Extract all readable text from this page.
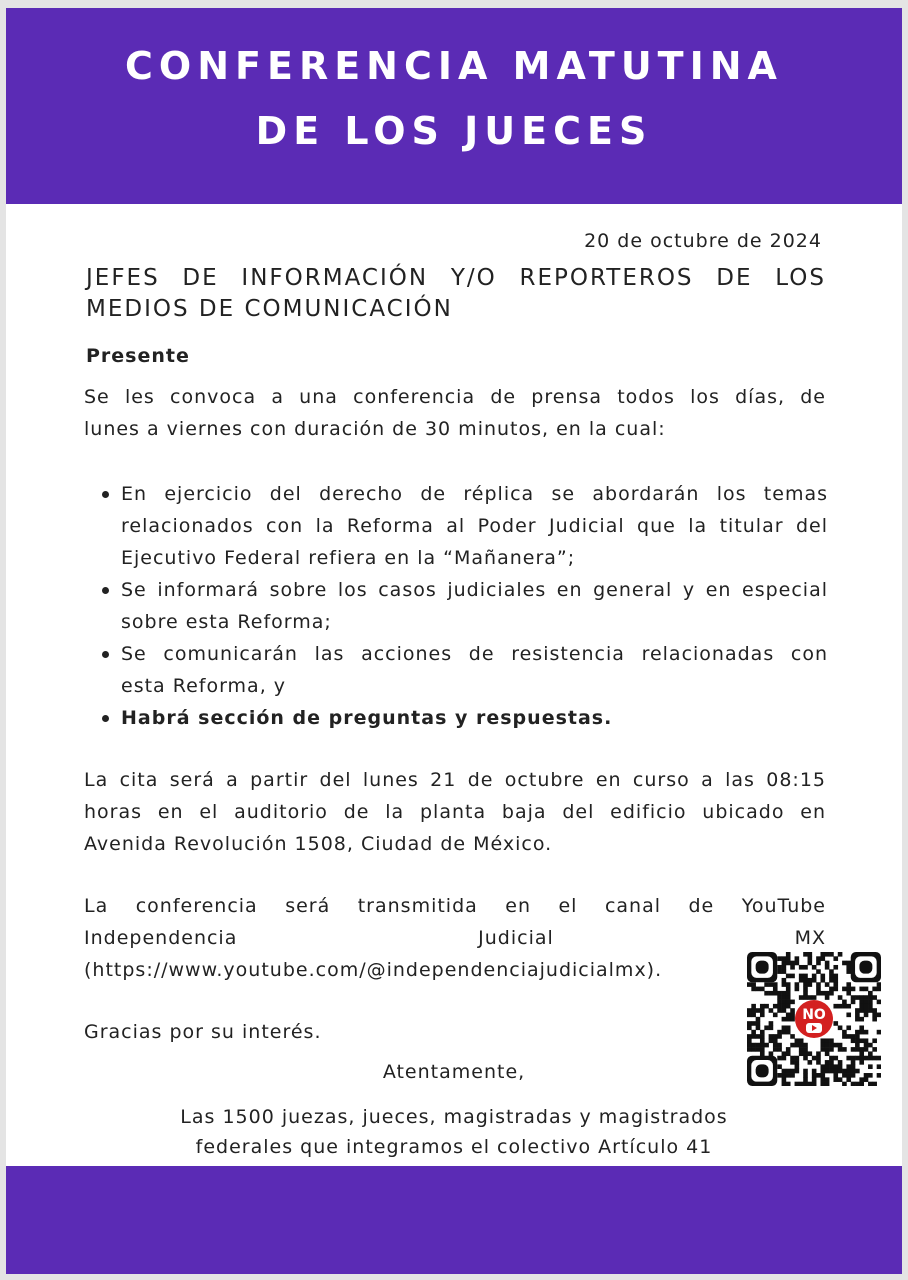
CONFERENCIA MATUTINA
DE LOS JUECES
20 de octubre de 2024
JEFES DE INFORMACIÓN Y/O REPORTEROS DE LOS
MEDIOS DE COMUNICACIÓN
Presente
Se les convoca a una conferencia de prensa todos los días, de
lunes a viernes con duración de 30 minutos, en la cual:
En ejercicio del derecho de réplica se abordarán los temas
relacionados con la Reforma al Poder Judicial que la titular del
Ejecutivo Federal refiera en la “Mañanera”;
Se informará sobre los casos judiciales en general y en especial
sobre esta Reforma;
Se comunicarán las acciones de resistencia relacionadas con
esta Reforma, y
Habrá sección de preguntas y respuestas.
La cita será a partir del lunes 21 de octubre en curso a las 08:15
horas en el auditorio de la planta baja del edificio ubicado en
Avenida Revolución 1508, Ciudad de México.
La conferencia será transmitida en el canal de YouTube
Independencia	Judicial	MX
(https://www.youtube.com/@independenciajudicialmx).
Gracias por su interés.
NO
Atentamente,
Las 1500 juezas, jueces, magistradas y magistrados
federales que integramos el colectivo Artículo 41
